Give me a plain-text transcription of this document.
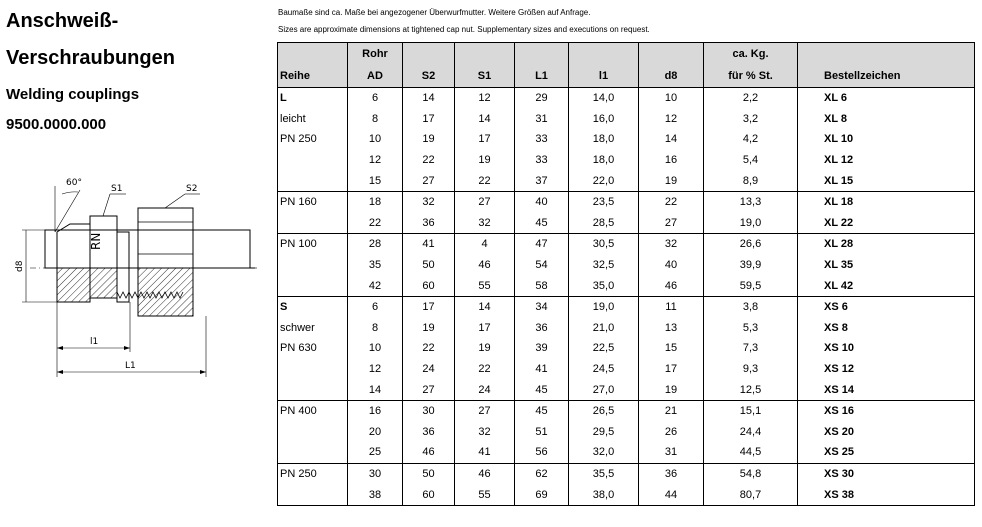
Anschweiß-
Verschraubungen
Welding couplings
9500.0000.000
Baumaße sind ca. Maße bei angezogener Überwurfmutter. Weitere Größen auf Anfrage.
Sizes are approximate dimensions at tightened cap nut. Supplementary sizes and executions on request.
RN
60°
S1	S2
d8
l1
L1
	Rohr						ca. Kg.	
Reihe	AD	S2	S1	L1	l1	d8	für % St.	Bestellzeichen
L	6	14	12	29	14,0	10	2,2	XL 6
leicht	8	17	14	31	16,0	12	3,2	XL 8
PN 250	10	19	17	33	18,0	14	4,2	XL 10
	12	22	19	33	18,0	16	5,4	XL 12
	15	27	22	37	22,0	19	8,9	XL 15
PN 160	18	32	27	40	23,5	22	13,3	XL 18
	22	36	32	45	28,5	27	19,0	XL 22
PN 100	28	41	4	47	30,5	32	26,6	XL 28
	35	50	46	54	32,5	40	39,9	XL 35
	42	60	55	58	35,0	46	59,5	XL 42
S	6	17	14	34	19,0	11	3,8	XS 6
schwer	8	19	17	36	21,0	13	5,3	XS 8
PN 630	10	22	19	39	22,5	15	7,3	XS 10
	12	24	22	41	24,5	17	9,3	XS 12
	14	27	24	45	27,0	19	12,5	XS 14
PN 400	16	30	27	45	26,5	21	15,1	XS 16
	20	36	32	51	29,5	26	24,4	XS 20
	25	46	41	56	32,0	31	44,5	XS 25
PN 250	30	50	46	62	35,5	36	54,8	XS 30
	38	60	55	69	38,0	44	80,7	XS 38
